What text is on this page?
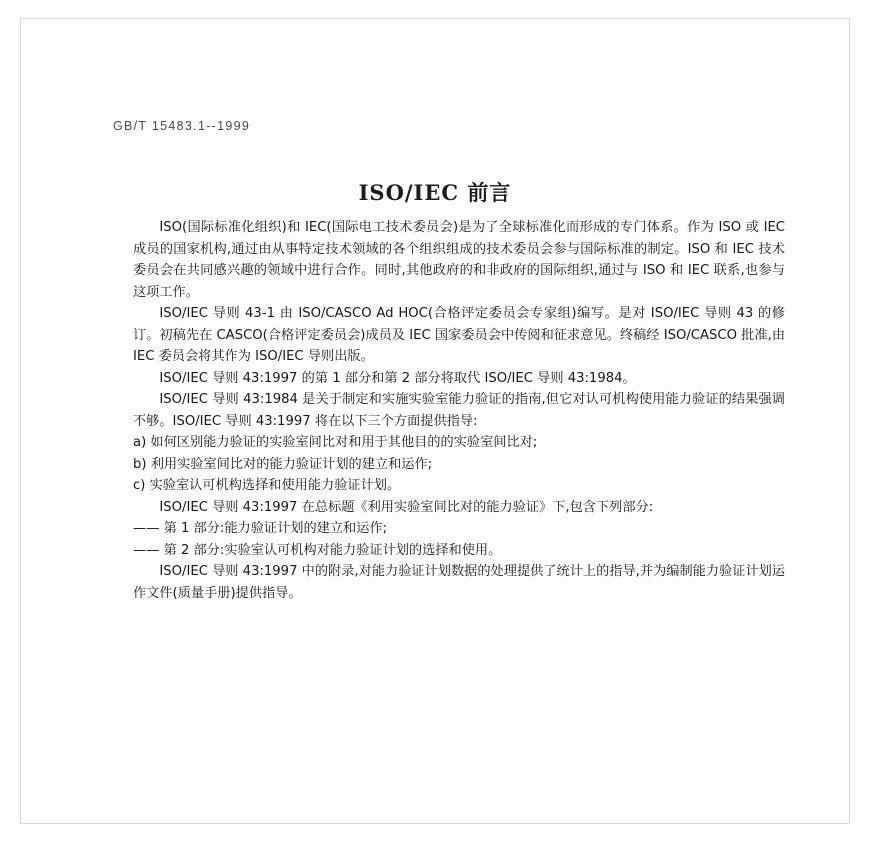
GB/T 15483.1--1999
ISO/IEC 前言

ISO(国际标准化组织)和 IEC(国际电工技术委员会)是为了全球标准化而形成的专门体系。作为 ISO 或 IEC 成员的国家机构,通过由从事特定技术领域的各个组织组成的技术委员会参与国际标准的制定。ISO 和 IEC 技术委员会在共同感兴趣的领域中进行合作。同时,其他政府的和非政府的国际组织,通过与 ISO 和 IEC 联系,也参与这项工作。

ISO/IEC 导则 43-1 由 ISO/CASCO Ad HOC(合格评定委员会专家组)编写。是对 ISO/IEC 导则 43 的修订。初稿先在 CASCO(合格评定委员会)成员及 IEC 国家委员会中传阅和征求意见。终稿经 ISO/CASCO 批准,由 IEC 委员会将其作为 ISO/IEC 导则出版。

ISO/IEC 导则 43:1997 的第 1 部分和第 2 部分将取代 ISO/IEC 导则 43:1984。

ISO/IEC 导则 43:1984 是关于制定和实施实验室能力验证的指南,但它对认可机构使用能力验证的结果强调不够。ISO/IEC 导则 43:1997 将在以下三个方面提供指导:

a) 如何区别能力验证的实验室间比对和用于其他目的的实验室间比对;

b) 利用实验室间比对的能力验证计划的建立和运作;

c) 实验室认可机构选择和使用能力验证计划。

ISO/IEC 导则 43:1997 在总标题《利用实验室间比对的能力验证》下,包含下列部分:

—— 第 1 部分:能力验证计划的建立和运作;

—— 第 2 部分:实验室认可机构对能力验证计划的选择和使用。

ISO/IEC 导则 43:1997 中的附录,对能力验证计划数据的处理提供了统计上的指导,并为编制能力验证计划运作文件(质量手册)提供指导。
